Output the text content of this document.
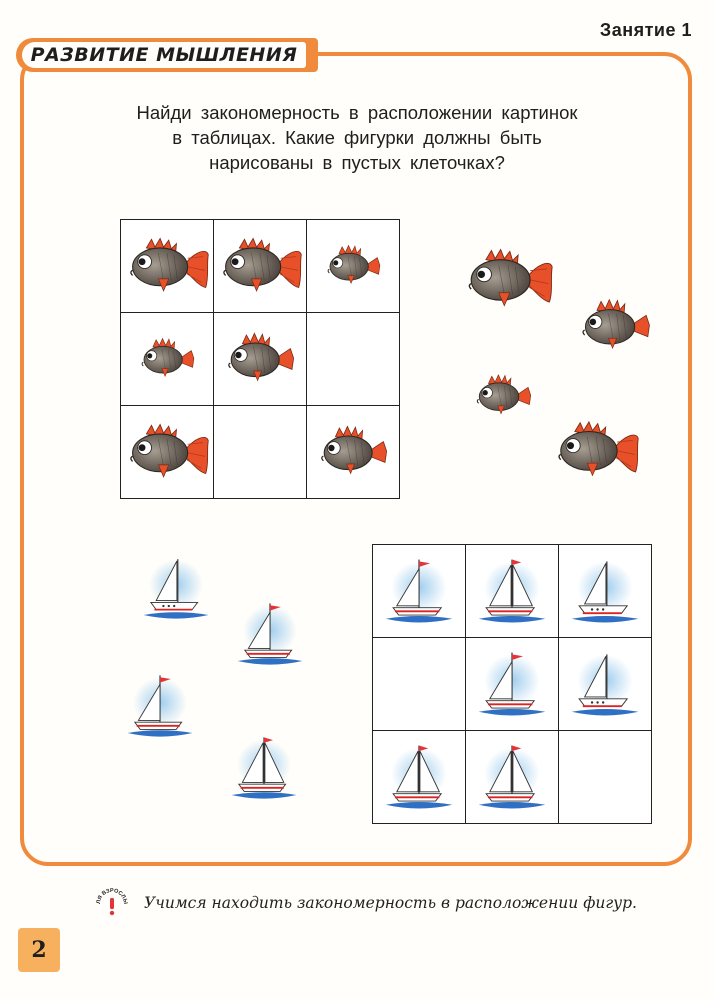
Занятие 1
РАЗВИТИЕ МЫШЛЕНИЯ
Найди закономерность в расположении картинок
в таблицах. Какие фигурки должны быть
нарисованы в пустых клеточках?
ЛЯ ВЗРОСЛЫ Учимся находить закономерность в расположении фигур.
2
